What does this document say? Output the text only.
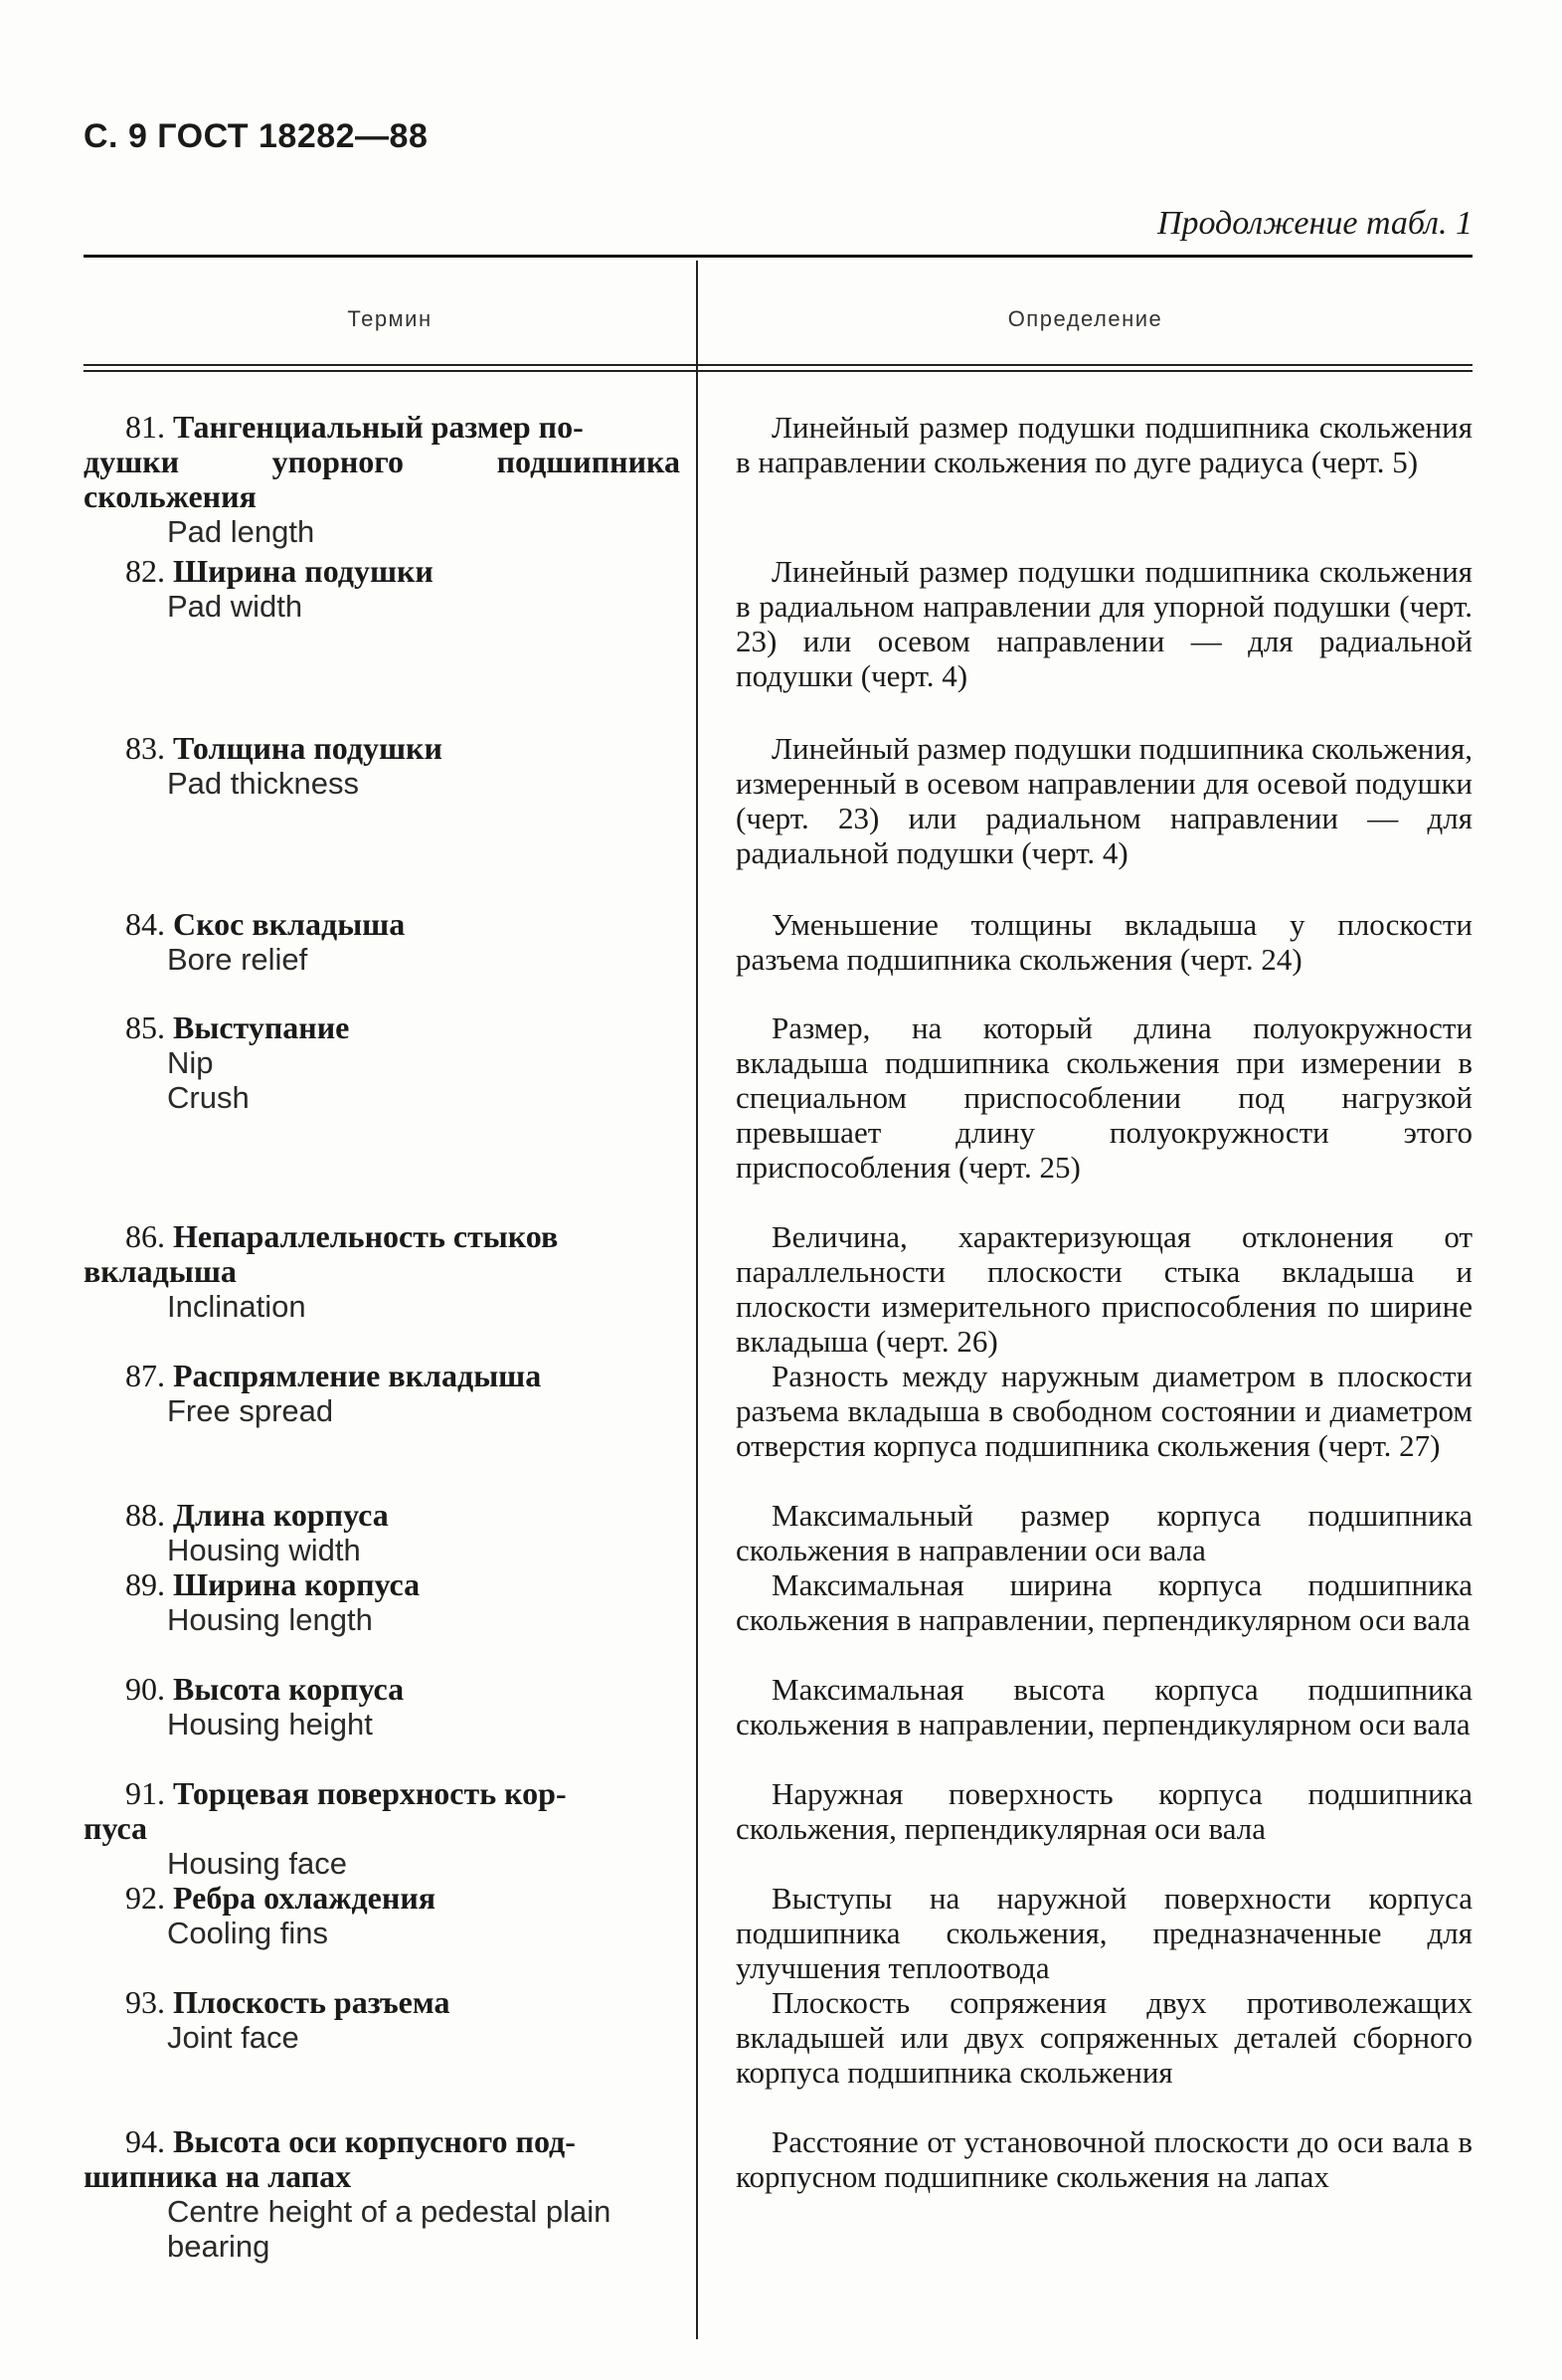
С. 9 ГОСТ 18282—88
Продолжение табл. 1
Термин	Определение
81. Тангенциальный размер по-
душки упорного подшипника скольжения
Pad length
Линейный размер подушки подшипника скольжения в направлении скольжения по дуге радиуса (черт. 5)
82. Ширина подушки
Pad width
Линейный размер подушки подшипника скольжения в радиальном направлении для упорной подушки (черт. 23) или осевом направлении — для радиальной подушки (черт. 4)
83. Толщина подушки
Pad thickness
Линейный размер подушки подшипника скольжения, измеренный в осевом направлении для осевой подушки (черт. 23) или радиальном направлении — для радиальной подушки (черт. 4)
84. Скос вкладыша
Bore relief
Уменьшение толщины вкладыша у плоскости разъема подшипника скольжения (черт. 24)
85. Выступание
Nip
Crush
Размер, на который длина полуокружности вкладыша подшипника скольжения при измерении в специальном приспособлении под нагрузкой превышает длину полуокружности этого приспособления (черт. 25)
86. Непараллельность стыков
вкладыша
Inclination
Величина, характеризующая отклонения от параллельности плоскости стыка вкладыша и плоскости измерительного приспособления по ширине вкладыша (черт. 26)
87. Распрямление вкладыша
Free spread
Разность между наружным диаметром в плоскости разъема вкладыша в свободном состоянии и диаметром отверстия корпуса подшипника скольжения (черт. 27)
88. Длина корпуса
Housing width
Максимальный размер корпуса подшипника скольжения в направлении оси вала
89. Ширина корпуса
Housing length
Максимальная ширина корпуса подшипника скольжения в направлении, перпендикулярном оси вала
90. Высота корпуса
Housing height
Максимальная высота корпуса подшипника скольжения в направлении, перпендикулярном оси вала
91. Торцевая поверхность кор-
пуса
Housing face
Наружная поверхность корпуса подшипника скольжения, перпендикулярная оси вала
92. Ребра охлаждения
Cooling fins
Выступы на наружной поверхности корпуса подшипника скольжения, предназначенные для улучшения теплоотвода
93. Плоскость разъема
Joint face
Плоскость сопряжения двух противолежащих вкладышей или двух сопряженных деталей сборного корпуса подшипника скольжения
94. Высота оси корпусного под-
шипника на лапах
Centre height of a pedestal plain bearing
Расстояние от установочной плоскости до оси вала в корпусном подшипнике скольжения на лапах
